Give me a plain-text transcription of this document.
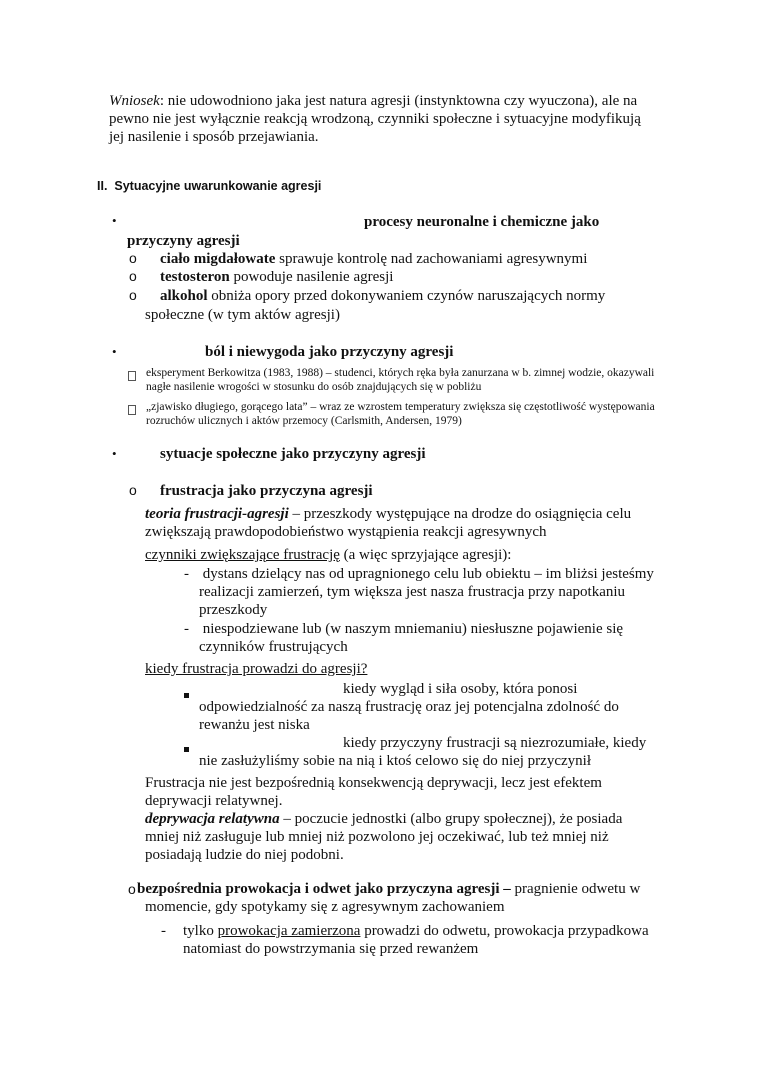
Wniosek: nie udowodniono jaka jest natura agresji (instynktowna czy wyuczona), ale na
pewno nie jest wyłącznie reakcją wrodzoną, czynniki społeczne i sytuacyjne modyfikują
jej nasilenie i sposób przejawiania.
II. Sytuacyjne uwarunkowanie agresji
•	procesy neuronalne i chemiczne jako
przyczyny agresji
o ciało migdałowate sprawuje kontrolę nad zachowaniami agresywnymi
o testosteron powoduje nasilenie agresji
o alkohol obniża opory przed dokonywaniem czynów naruszających normy
społeczne (w tym aktów agresji)
•	ból i niewygoda jako przyczyny agresji
eksperyment Berkowitza (1983, 1988) – studenci, których ręka była zanurzana w b. zimnej wodzie, okazywali
nagłe nasilenie wrogości w stosunku do osób znajdujących się w pobliżu
„zjawisko długiego, gorącego lata” – wraz ze wzrostem temperatury zwiększa się częstotliwość występowania
rozruchów ulicznych i aktów przemocy (Carlsmith, Andersen, 1979)
•	sytuacje społeczne jako przyczyny agresji
o frustracja jako przyczyna agresji
teoria frustracji-agresji – przeszkody występujące na drodze do osiągnięcia celu
zwiększają prawdopodobieństwo wystąpienia reakcji agresywnych
czynniki zwiększające frustrację (a więc sprzyjające agresji):
- dystans dzielący nas od upragnionego celu lub obiektu – im bliżsi jesteśmy
realizacji zamierzeń, tym większa jest nasza frustracja przy napotkaniu
przeszkody
- niespodziewane lub (w naszym mniemaniu) niesłuszne pojawienie się
czynników frustrujących
kiedy frustracja prowadzi do agresji?
kiedy wygląd i siła osoby, która ponosi
odpowiedzialność za naszą frustrację oraz jej potencjalna zdolność do
rewanżu jest niska
kiedy przyczyny frustracji są niezrozumiałe, kiedy
nie zasłużyliśmy sobie na nią i ktoś celowo się do niej przyczynił
Frustracja nie jest bezpośrednią konsekwencją deprywacji, lecz jest efektem
deprywacji relatywnej.
deprywacja relatywna – poczucie jednostki (albo grupy społecznej), że posiada
mniej niż zasługuje lub mniej niż pozwolono jej oczekiwać, lub też mniej niż
posiadają ludzie do niej podobni.
o bezpośrednia prowokacja i odwet jako przyczyna agresji – pragnienie odwetu w
momencie, gdy spotykamy się z agresywnym zachowaniem
- tylko prowokacja zamierzona prowadzi do odwetu, prowokacja przypadkowa
natomiast do powstrzymania się przed rewanżem
